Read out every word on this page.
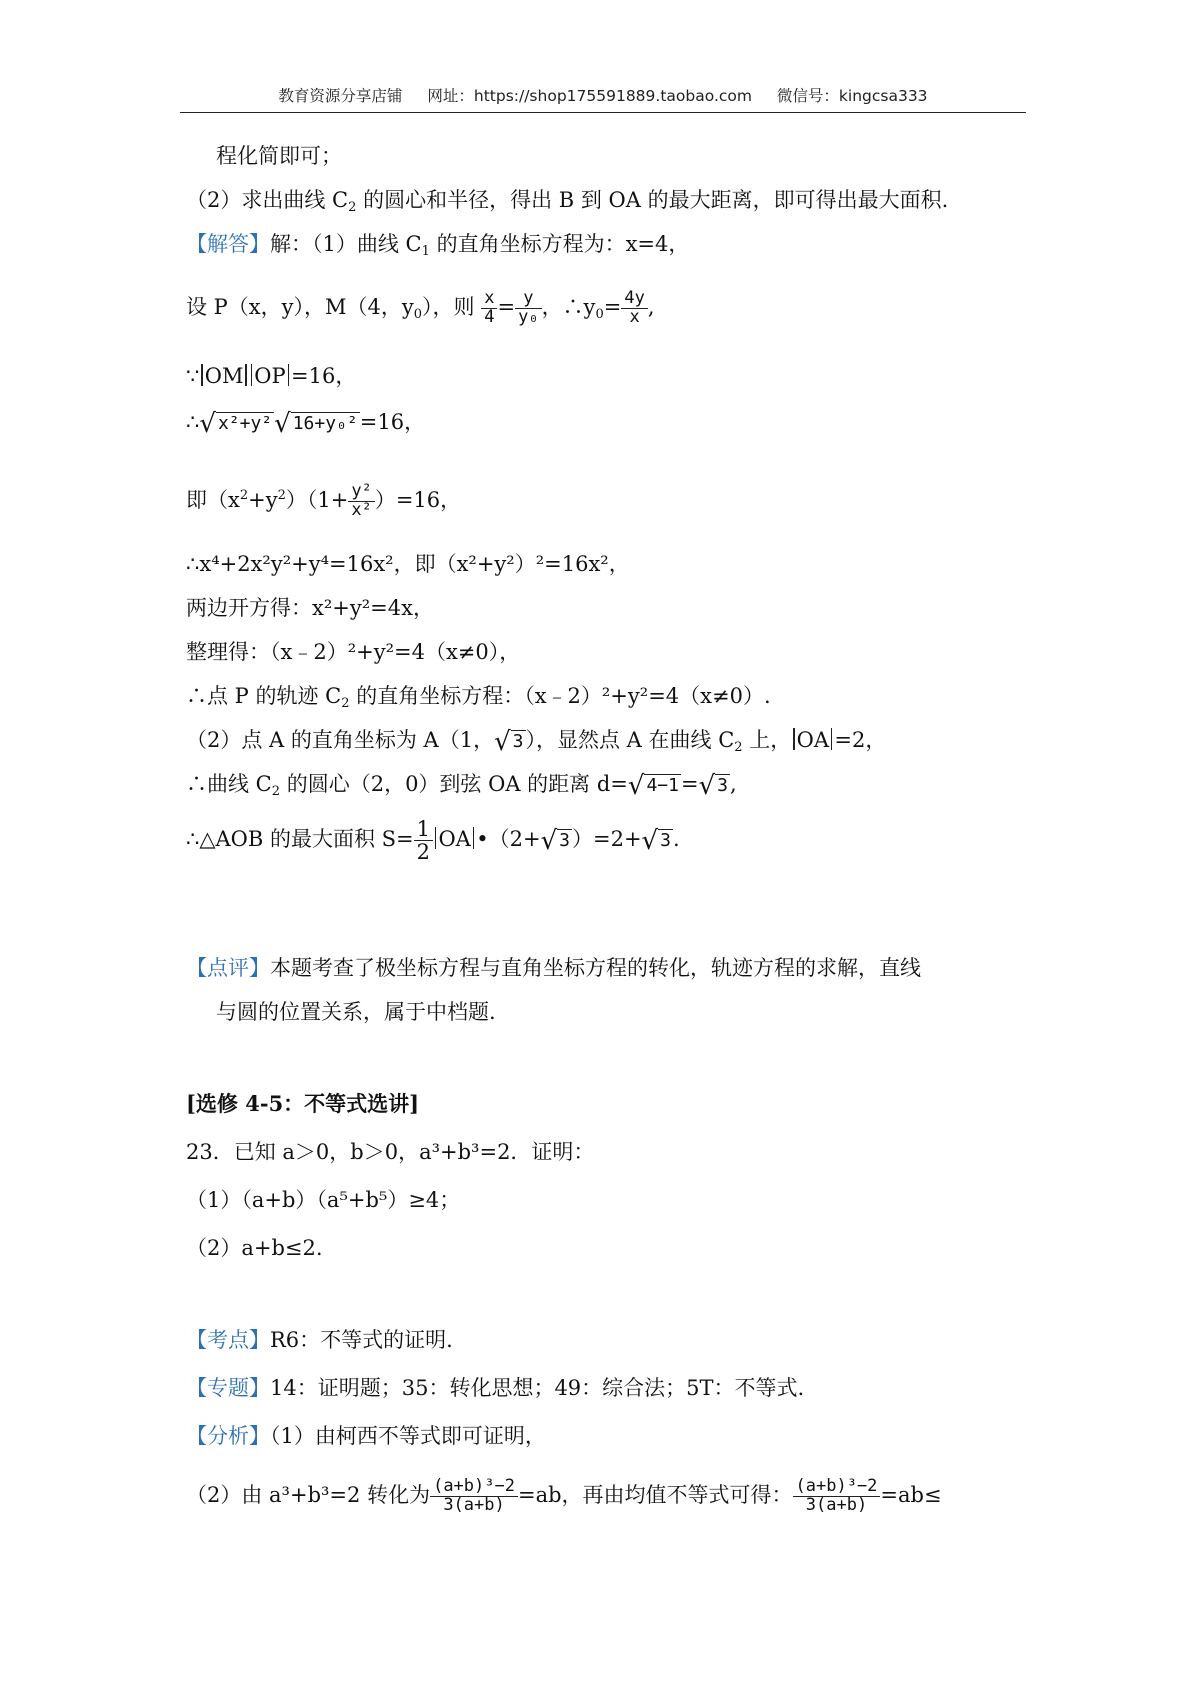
教育资源分享店铺 网址：https://shop175591889.taobao.com 微信号：kingcsa333
程化简即可；
（2）求出曲线 $C_2$ 的圆心和半径，得出 B 到 OA 的最大距离，即可得出最大面积.
【解答】解：（1）曲线 $C_1$ 的直角坐标方程为：x=4，
设 P（x，y），M（4，$y_0$），则 $\frac{x}{4} = \frac{y}{\text{y₀}}$ ，$\therefore y_0= \frac{4y}{x}$ ,
∵ OM OP =16，
∴√ x²+y²√ 16+y₀²=16，
即$(x^2+y^2)(1+ \frac{\text{y²}}{\text{x²}} )=16$，
∴x⁴+2x²y²+y⁴=16x²，即（x²+y²）²=16x²，
两边开方得：x²+y²=4x，
整理得：（x﹣2）²+y²=4（x≠0），
∴点 P 的轨迹 $C_2$ 的直角坐标方程：（x﹣2）²+y²=4（x≠0）.
（2）点 A 的直角坐标为 A（1，√ 3），显然点 A 在曲线 $C_2$ 上， OA =2，
∴曲线 $C_2$ 的圆心（2，0）到弦 OA 的距离 d=√ 4−1=√ 3,
∴△AOB 的最大面积 $S= \frac{1}{2}$ OA •（2+√ 3）=2+√ 3.
【点评】本题考查了极坐标方程与直角坐标方程的转化，轨迹方程的求解，直线
与圆的位置关系，属于中档题.
[选修 4-5：不等式选讲]
23．已知 a＞0，b＞0，a³+b³=2．证明：
（1）（a+b）（a⁵+b⁵）≥4；
（2）a+b≤2.
【考点】R6：不等式的证明.
【专题】14：证明题；35：转化思想；49：综合法；5T：不等式.
【分析】（1）由柯西不等式即可证明，
（2）由 a³+b³=2 转化为 $\frac{\text{(a+b)³−2}}{3(a+b)} =ab$，再由均值不等式可得： $\frac{\text{(a+b)³−2}}{3(a+b)} =ab\le$
